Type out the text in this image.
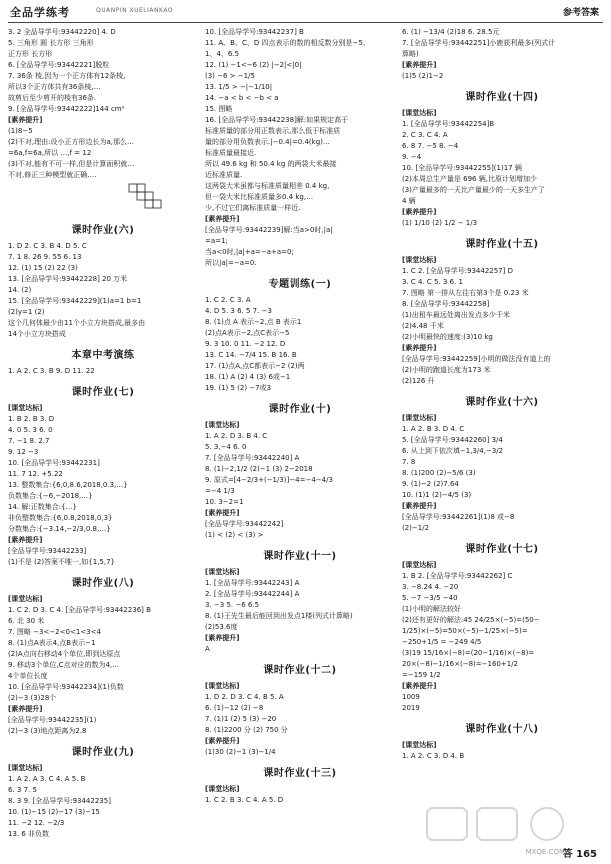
全品学练考	QUANPIN XUELIANKAO	参考答案
3. 2 全品导学号:93442220] 4. D
5. 三角形 圆 长方形 三角形
正方形 长方形
6. [全品导学号:93442221]脱粒
7. 36条 棱,因为一个正方体有12条棱,
所以3个正方体共有36条棱,…
故剪后至少剪开的棱有36条.
9. [全品导学号:93442222]144 cm²
[素养提升]
(1)8−5
(2)不对,理由:设小正方形边长为a,那么…
=6a,f=6a,所以 …,f = 12
(3)不对,能有不可一样,但是计算面积就…
不对,修正三种模型就正确.…
课时作业(六)
1. D 2. C 3. B 4. D 5. C
7. 1 8. 26 9. 55 6. 13
12. (1) 15 (2) 22 (3)
13. [全品导学号:93442228] 20 万米
14. (2)
15. [全品导学号:93442229](1)a=1 b=1
(2)y=1 (2)
这个几何体最少由11个小立方块搭成,最多由
14个小立方块搭成
本章中考演练
1. A 2. C 3. B 9. D 11. 22
课时作业(七)
[课堂达标]
1. B 2. B 3. D
4. 0 5. 3 6. 0
7. −1 8. 2.7
9. 12 −3
10. [全品导学号:93442231]
11. 7 12. +5.22
13. 整数集合:{6,0,8.6,2018,0.3,…}
负数集合:{−6,−2018,…}
14. 解:正数集合:{…}
非负整数集合:{6,0.8,2018,0,3}
分数集合:{−3.14,−2/3,0.8,…}
[素养提升]
[全品导学号:93442233]
(1)不是 (2)答案不唯一,如{1,5,7}
课时作业(八)
[课堂达标]
1. C 2. D 3. C 4. [全品导学号:93442236] B
6. 北 30 米
7. 图略 −3<−2<0<1<3<4
8. (1)点A表示4,点B表示−1
(2)A点向右移动4个单位,即到达原点
9. 移动3个单位,C点对应的数为4,…
4个单位长度
10. [全品导学号:93442234](1)负数
(2)−3 (3)28个
[素养提升]
[全品导学号:93442235](1)
(2)−3 (3)地点距离为2.8
课时作业(九)
[课堂达标]
1. A 2. A 3. C 4. A 5. B
6. 3 7. 5
8. 3 9. [全品导学号:93442235]
10. (1)−15 (2)−17 (3)−15
11. −2 12. −2/3
13. 6 非负数
10. [全品导学号:93442237] B
11. A、B、C、D 四点表示的数的相反数分别是−5、
1、4、6.5
12. (1) −1<−6 (2) |−2|<|0|
(3) −6 > −1/5
13. 1/5 > −|−1/10|
14. −a < b < −b < a
15. 图略
16. [全品导学号:93442238]解:如果规定高于
标准质量的部分用正数表示,那么低于标准质
量的部分用负数表示.|−0.4|=0.4(kg)…
标准质量最接近.
所以 49.6 kg 和 50.4 kg 的两袋大米最接
近标准质量.
这两袋大米虽都与标准质量相差 0.4 kg,
但一袋大米比标准质量多0.4 kg,…
少,不过它们离标准质量一样近.
[素养提升]
[全品导学号:93442239]解:当a>0时,|a|
=a=1;
当a<0时,|a|+a=−a+a=0;
所以|a|=−a=0.
专题训练(一)
1. C 2. C 3. A
4. D 5. 3 6. 5 7. −3
8. (1)点 A 表示−2,点 B 表示1
(2)点A表示−2,点C表示−5
9. 3 10. 0 11. −2 12. D
13. C 14. −7/4 15. B 16. B
17. (1)点A,点C都表示−2 (2)两
18. (1) A (2) 4 (3) 6或−1
19. (1) 5 (2) −7或3
课时作业(十)
[课堂达标]
1. A 2. D 3. B 4. C
5. 3,−4 6. 0
7. [全品导学号:93442240] A
8. (1)−2,1/2 (2)−1 (3) 2−2018
9. 原式=[4−2/3+(−1/3)]−4=−4−4/3
=−4 1/3
10. 3−2=1
[素养提升]
[全品导学号:93442242]
(1) < (2) < (3) >
课时作业(十一)
[课堂达标]
1. [全品导学号:93442243] A
2. [全品导学号:93442244] A
3. −3 5. −6 6.5
8. (1)王先生最后能回到出发点1楼(列式计算略)
(2)53.6度
[素养提升]
A
课时作业(十二)
[课堂达标]
1. D 2. D 3. C 4. B 5. A
6. (1)−12 (2) −8
7. (1)1 (2) 5 (3) −20
8. (1)2200 分 (2) 750 分
[素养提升]
(1)30 (2)−1 (3)−1/4
课时作业(十三)
[课堂达标]
1. C 2. B 3. C 4. A 5. D
6. (1) −13/4 (2)18 6. 28.5元
7. [全品导学号:93442251]小鹿获利最多(列式计
算略)
[素养提升]
(1)5 (2)1−2
课时作业(十四)
[课堂达标]
1. [全品导学号:93442254]B
2. C 3. C 4. A
6. 8 7. −5 8. −4
9. −4
10. [全品导学号:93442255](1)17 辆
(2)本周总生产量是 696 辆,比原计划增加少
(3)产量最多的一天比产量最少的一天多生产了
4 辆
[素养提升]
(1) 1/10 (2) 1/2 − 1/3
课时作业(十五)
[课堂达标]
1. C 2. [全品导学号:93442257] D
3. C 4. C 5. 3 6. 1
7. 图略 第一排从左往右第3个是 0.23 米
8. [全品导学号:93442258]
(1)出租车最远处离出发点多少千米
(2)4.48 千米
(2)小明最快的速度:(3)10 kg
[素养提升]
[全品导学号:93442259]小明的做法没有道上的
(2)小明的跑道长度为173 米
(2)126 升
课时作业(十六)
[课堂达标]
1. A 2. B 3. D 4. C
5. [全品导学号:93442260] 3/4
6. 从上到下依次填−1,3/4,−3/2
7. 8
8. (1)200 (2)−5/6 (3)
9. (1)−2 (2)7.64
10. (1)1 (2)−4/5 (3)
[素养提升]
[全品导学号:93442261](1)8 或−8
(2)−1/2
课时作业(十七)
[课堂达标]
1. B 2. [全品导学号:93442262] C
3. −8.24 4. −20
5. −7 −3/5 −40
(1)小明的解法较好
(2)还有更好的解法:45 24/25×(−5)=(50−
1/25)×(−5)=50×(−5)−1/25×(−5)=
−250+1/5 = −249 4/5
(3)19 15/16×(−8)=(20−1/16)×(−8)=
20×(−8)−1/16×(−8)=−160+1/2
=−159 1/2
[素养提升]
1009
2019
课时作业(十八)
[课堂达标]
1. A 2. C 3. D 4. B
MXQE.COM
答 165
